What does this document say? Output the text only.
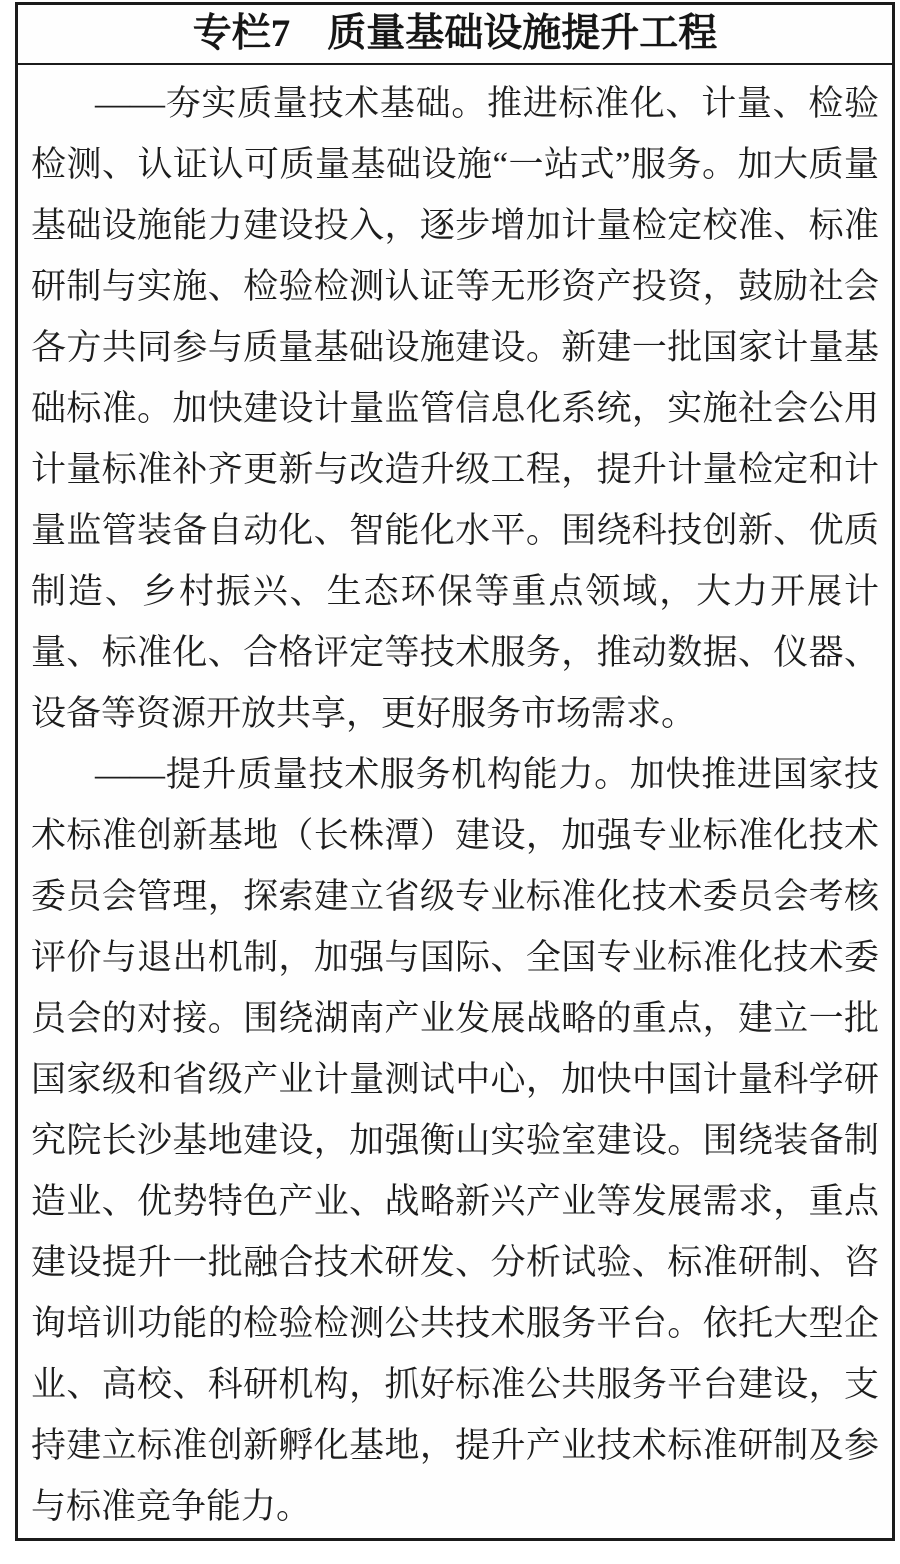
专栏7 质量基础设施提升工程

——夯实质量技术基础。推进标准化、计量、检验检测、认证认可质量基础设施“一站式”服务。加大质量基础设施能力建设投入，逐步增加计量检定校准、标准研制与实施、检验检测认证等无形资产投资，鼓励社会各方共同参与质量基础设施建设。新建一批国家计量基础标准。加快建设计量监管信息化系统，实施社会公用计量标准补齐更新与改造升级工程，提升计量检定和计量监管装备自动化、智能化水平。围绕科技创新、优质制造、乡村振兴、生态环保等重点领域，大力开展计量、标准化、合格评定等技术服务，推动数据、仪器、设备等资源开放共享，更好服务市场需求。

——提升质量技术服务机构能力。加快推进国家技术标准创新基地（长株潭）建设，加强专业标准化技术委员会管理，探索建立省级专业标准化技术委员会考核评价与退出机制，加强与国际、全国专业标准化技术委员会的对接。围绕湖南产业发展战略的重点，建立一批国家级和省级产业计量测试中心，加快中国计量科学研究院长沙基地建设，加强衡山实验室建设。围绕装备制造业、优势特色产业、战略新兴产业等发展需求，重点建设提升一批融合技术研发、分析试验、标准研制、咨询培训功能的检验检测公共技术服务平台。依托大型企业、高校、科研机构，抓好标准公共服务平台建设，支持建立标准创新孵化基地，提升产业技术标准研制及参与标准竞争能力。
